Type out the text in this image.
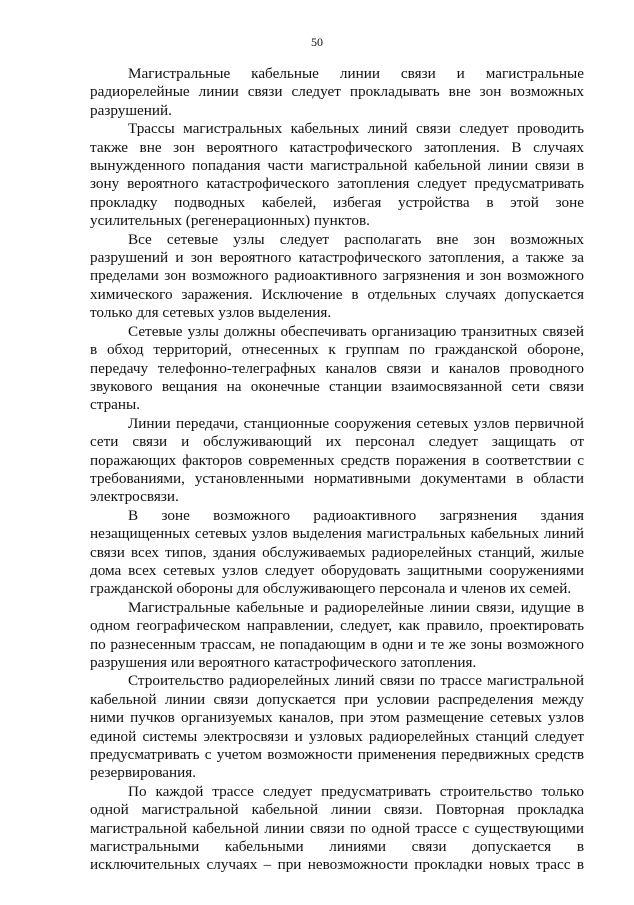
50
Магистральные кабельные линии связи и магистральные
радиорелейные линии связи следует прокладывать вне зон возможных
разрушений.
Трассы магистральных кабельных линий связи следует проводить
также вне зон вероятного катастрофического затопления. В случаях
вынужденного попадания части магистральной кабельной линии связи в
зону вероятного катастрофического затопления следует предусматривать
прокладку подводных кабелей, избегая устройства в этой зоне
усилительных (регенерационных) пунктов.
Все сетевые узлы следует располагать вне зон возможных
разрушений и зон вероятного катастрофического затопления, а также за
пределами зон возможного радиоактивного загрязнения и зон возможного
химического заражения. Исключение в отдельных случаях допускается
только для сетевых узлов выделения.
Сетевые узлы должны обеспечивать организацию транзитных связей
в обход территорий, отнесенных к группам по гражданской обороне,
передачу телефонно-телеграфных каналов связи и каналов проводного
звукового вещания на оконечные станции взаимосвязанной сети связи
страны.
Линии передачи, станционные сооружения сетевых узлов первичной
сети связи и обслуживающий их персонал следует защищать от
поражающих факторов современных средств поражения в соответствии с
требованиями, установленными нормативными документами в области
электросвязи.
В зоне возможного радиоактивного загрязнения здания
незащищенных сетевых узлов выделения магистральных кабельных линий
связи всех типов, здания обслуживаемых радиорелейных станций, жилые
дома всех сетевых узлов следует оборудовать защитными сооружениями
гражданской обороны для обслуживающего персонала и членов их семей.
Магистральные кабельные и радиорелейные линии связи, идущие в
одном географическом направлении, следует, как правило, проектировать
по разнесенным трассам, не попадающим в одни и те же зоны возможного
разрушения или вероятного катастрофического затопления.
Строительство радиорелейных линий связи по трассе магистральной
кабельной линии связи допускается при условии распределения между
ними пучков организуемых каналов, при этом размещение сетевых узлов
единой системы электросвязи и узловых радиорелейных станций следует
предусматривать с учетом возможности применения передвижных средств
резервирования.
По каждой трассе следует предусматривать строительство только
одной магистральной кабельной линии связи. Повторная прокладка
магистральной кабельной линии связи по одной трассе с существующими
магистральными кабельными линиями связи допускается в
исключительных случаях – при невозможности прокладки новых трасс в
